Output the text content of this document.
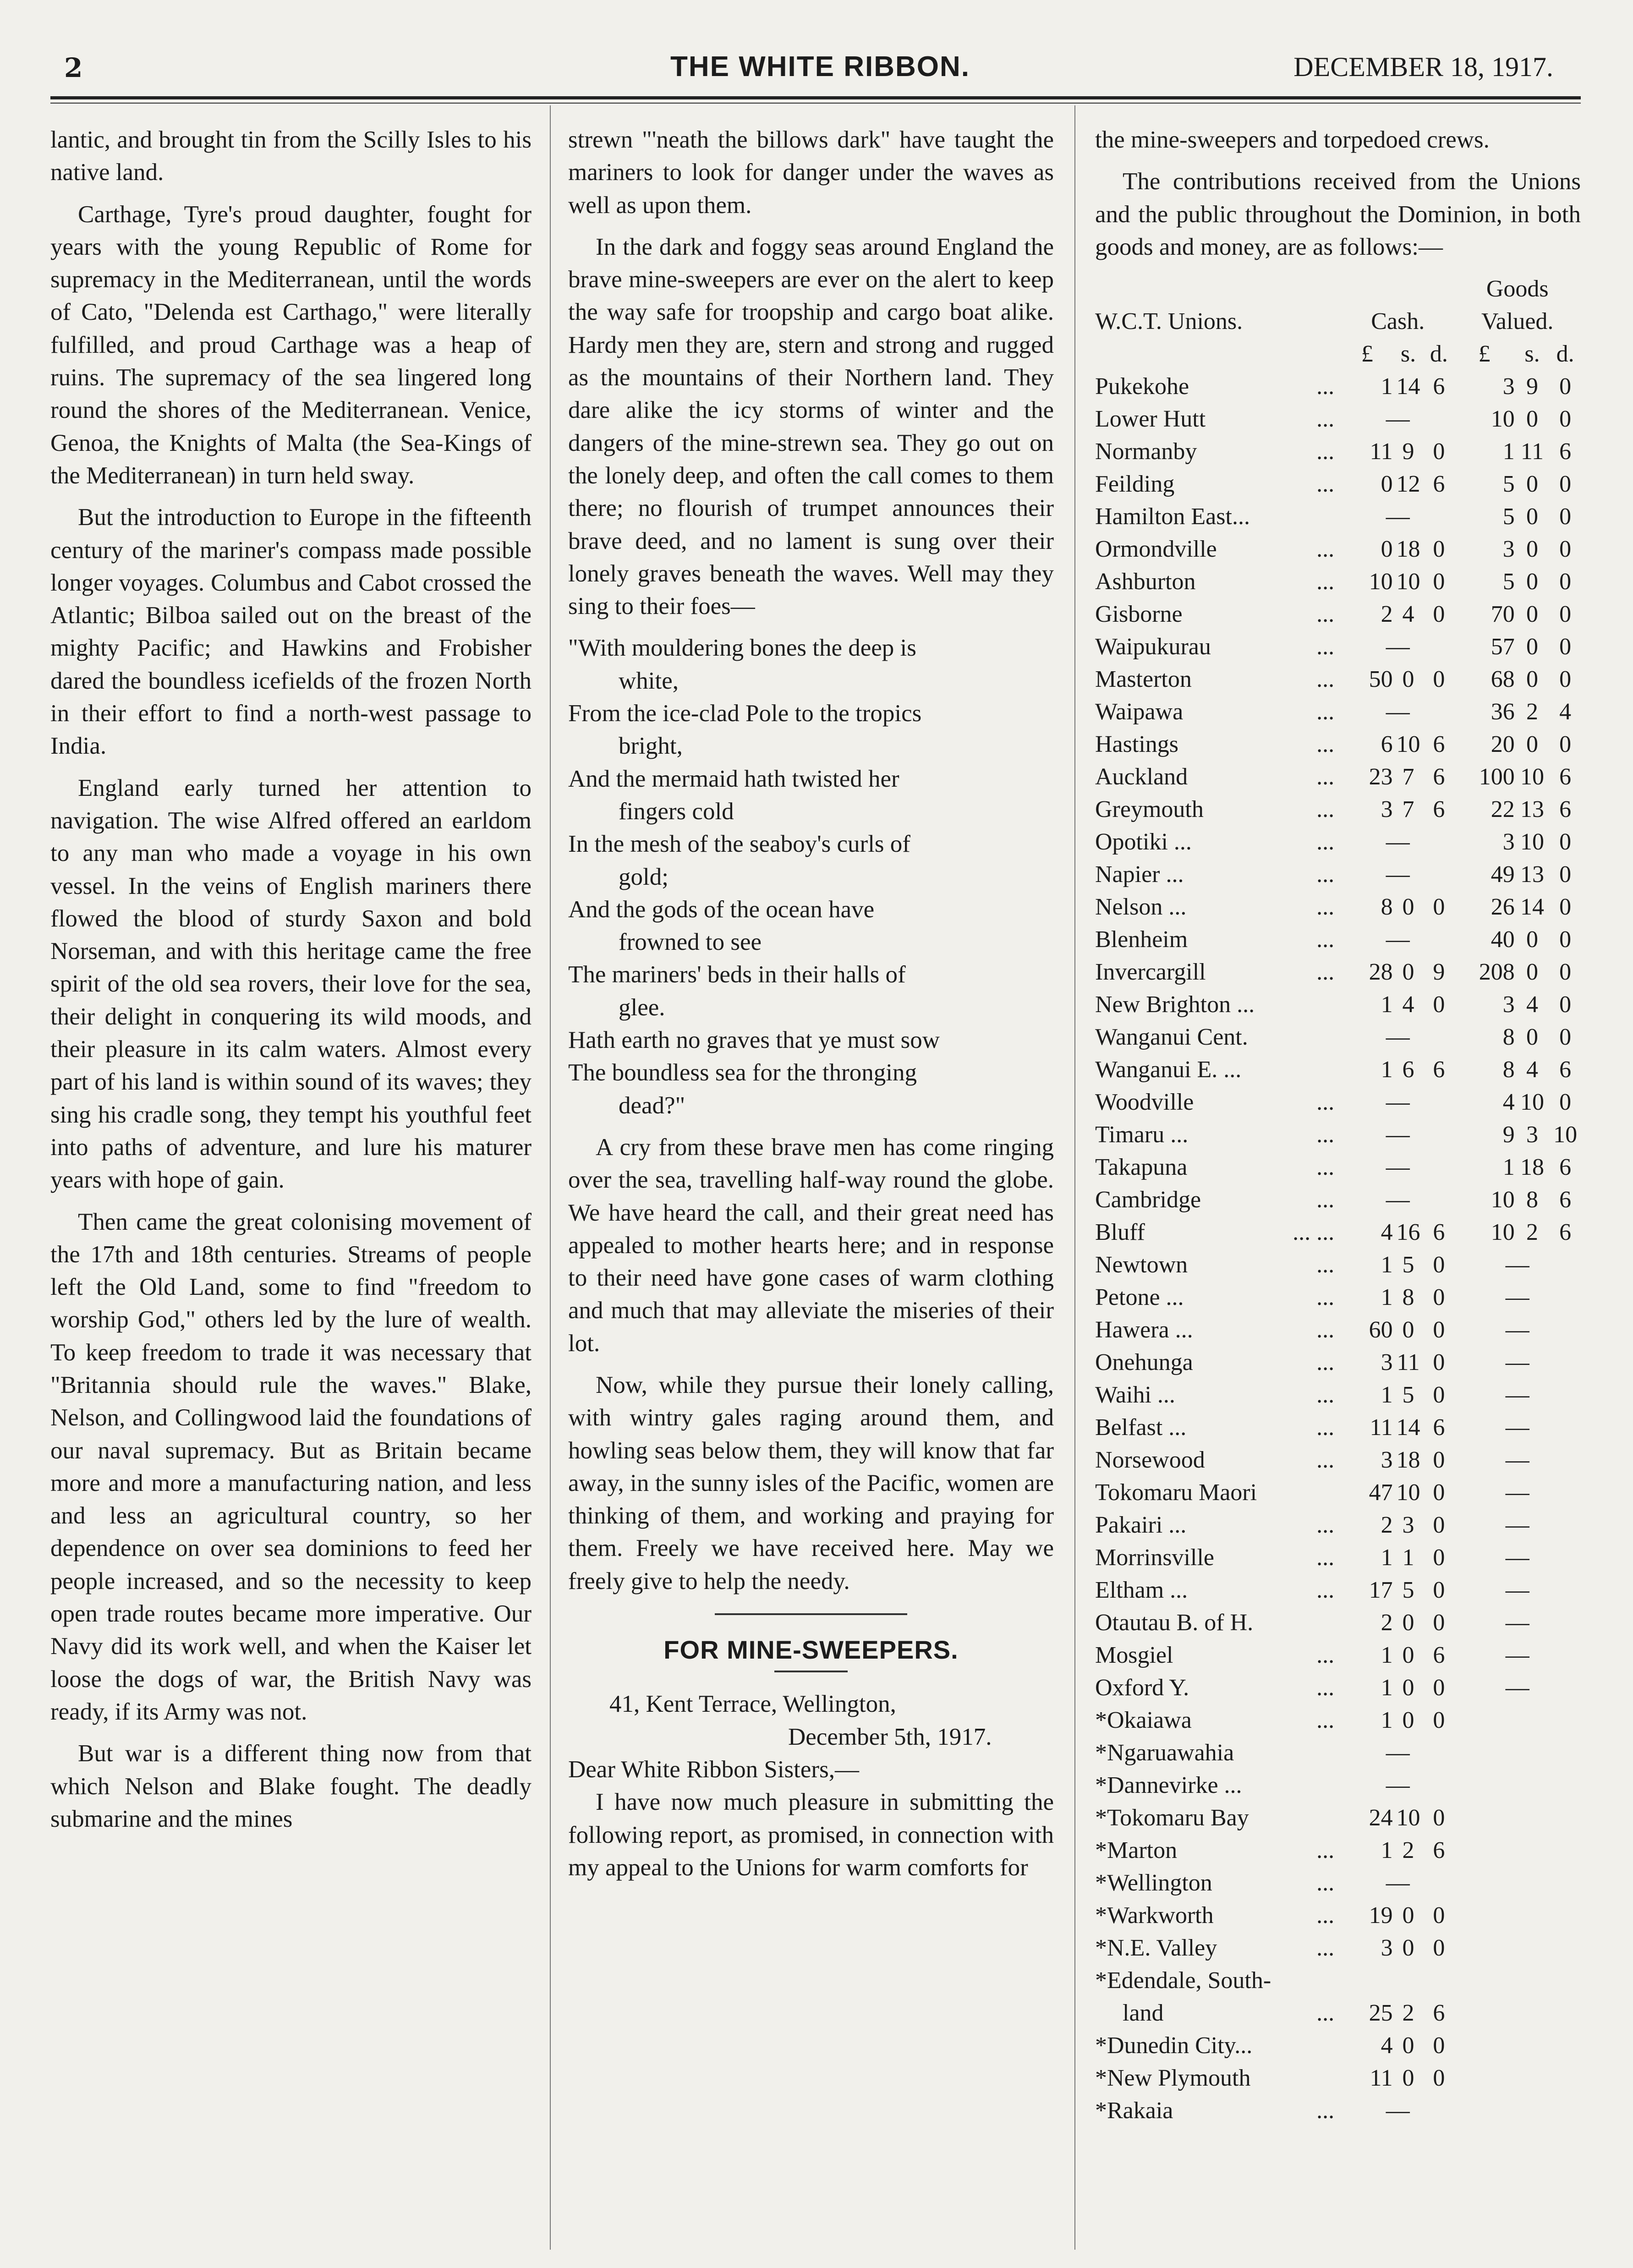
2	THE WHITE RIBBON.	DECEMBER 18, 1917.

lantic, and brought tin from the Scilly Isles to his native land.

Carthage, Tyre's proud daughter, fought for years with the young Republic of Rome for supremacy in the Mediterranean, until the words of Cato, "Delenda est Carthago," were literally fulfilled, and proud Carthage was a heap of ruins. The supremacy of the sea lingered long round the shores of the Mediterranean. Venice, Genoa, the Knights of Malta (the Sea-Kings of the Mediterranean) in turn held sway.

But the introduction to Europe in the fifteenth century of the mariner's compass made possible longer voyages. Columbus and Cabot crossed the Atlantic; Bilboa sailed out on the breast of the mighty Pacific; and Hawkins and Frobisher dared the boundless icefields of the frozen North in their effort to find a north-west passage to India.

England early turned her attention to navigation. The wise Alfred offered an earldom to any man who made a voyage in his own vessel. In the veins of English mariners there flowed the blood of sturdy Saxon and bold Norseman, and with this heritage came the free spirit of the old sea rovers, their love for the sea, their delight in conquering its wild moods, and their pleasure in its calm waters. Almost every part of his land is within sound of its waves; they sing his cradle song, they tempt his youthful feet into paths of adventure, and lure his maturer years with hope of gain.

Then came the great colonising movement of the 17th and 18th centuries. Streams of people left the Old Land, some to find "freedom to worship God," others led by the lure of wealth. To keep freedom to trade it was necessary that "Britannia should rule the waves." Blake, Nelson, and Collingwood laid the foundations of our naval supremacy. But as Britain became more and more a manufacturing nation, and less and less an agricultural country, so her dependence on over sea dominions to feed her people increased, and so the necessity to keep open trade routes became more imperative. Our Navy did its work well, and when the Kaiser let loose the dogs of war, the British Navy was ready, if its Army was not.

But war is a different thing now from that which Nelson and Blake fought. The deadly submarine and the mines

strewn "'neath the billows dark" have taught the mariners to look for danger under the waves as well as upon them.

In the dark and foggy seas around England the brave mine-sweepers are ever on the alert to keep the way safe for troopship and cargo boat alike. Hardy men they are, stern and strong and rugged as the mountains of their Northern land. They dare alike the icy storms of winter and the dangers of the mine-strewn sea. They go out on the lonely deep, and often the call comes to them there; no flourish of trumpet announces their brave deed, and no lament is sung over their lonely graves beneath the waves. Well may they sing to their foes—

"With mouldering bones the deep is
white,
From the ice-clad Pole to the tropics
bright,
And the mermaid hath twisted her
fingers cold
In the mesh of the seaboy's curls of
gold;
And the gods of the ocean have
frowned to see
The mariners' beds in their halls of
glee.
Hath earth no graves that ye must sow
The boundless sea for the thronging
dead?"

A cry from these brave men has come ringing over the sea, travelling half-way round the globe. We have heard the call, and their great need has appealed to mother hearts here; and in response to their need have gone cases of warm clothing and much that may alleviate the miseries of their lot.

Now, while they pursue their lonely calling, with wintry gales raging around them, and howling seas below them, they will know that far away, in the sunny isles of the Pacific, women are thinking of them, and working and praying for them. Freely we have received here. May we freely give to help the needy.

FOR MINE-SWEEPERS.
41, Kent Terrace, Wellington,
December 5th, 1917.
Dear White Ribbon Sisters,—

I have now much pleasure in submitting the following report, as promised, in connection with my appeal to the Unions for warm comforts for

the mine-sweepers and torpedoed crews.

The contributions received from the Unions and the public throughout the Dominion, in both goods and money, are as follows:—

				Goods		
W.C.T. Unions.	Cash.			Valued.		
	£	s.	d.	£	s.	d.
Pukekohe ...	1	14	6	3	9	0
Lower Hutt ...	—			10	0	0
Normanby ...	11	9	0	1	11	6
Feilding ...	0	12	6	5	0	0
Hamilton East...	—			5	0	0
Ormondville ...	0	18	0	3	0	0
Ashburton ...	10	10	0	5	0	0
Gisborne ...	2	4	0	70	0	0
Waipukurau ...	—			57	0	0
Masterton ...	50	0	0	68	0	0
Waipawa ...	—			36	2	4
Hastings ...	6	10	6	20	0	0
Auckland ...	23	7	6	100	10	6
Greymouth ...	3	7	6	22	13	6
Opotiki ... ...	—			3	10	0
Napier ... ...	—			49	13	0
Nelson ... ...	8	0	0	26	14	0
Blenheim ...	—			40	0	0
Invercargill ...	28	0	9	208	0	0
New Brighton ...	1	4	0	3	4	0
Wanganui Cent.	—			8	0	0
Wanganui E. ...	1	6	6	8	4	6
Woodville ...	—			4	10	0
Timaru ... ...	—			9	3	10
Takapuna ...	—			1	18	6
Cambridge ...	—			10	8	6
Bluff ... ...	4	16	6	10	2	6
Newtown ...	1	5	0	—		
Petone ... ...	1	8	0	—		
Hawera ... ...	60	0	0	—		
Onehunga ...	3	11	0	—		
Waihi ... ...	1	5	0	—		
Belfast ... ...	11	14	6	—		
Norsewood ...	3	18	0	—		
Tokomaru Maori	47	10	0	—		
Pakairi ... ...	2	3	0	—		
Morrinsville ...	1	1	0	—		
Eltham ... ...	17	5	0	—		
Otautau B. of H.	2	0	0	—		
Mosgiel ...	1	0	6	—		
Oxford Y. ...	1	0	0	—		
*Okaiawa ...	1	0	0			
*Ngaruawahia	—					
*Dannevirke ...	—					
*Tokomaru Bay	24	10	0			
*Marton ...	1	2	6			
*Wellington ...	—					
*Warkworth ...	19	0	0			
*N.E. Valley ...	3	0	0			
*Edendale, South-						
land ...	25	2	6			
*Dunedin City...	4	0	0			
*New Plymouth	11	0	0			
*Rakaia ...	—					
